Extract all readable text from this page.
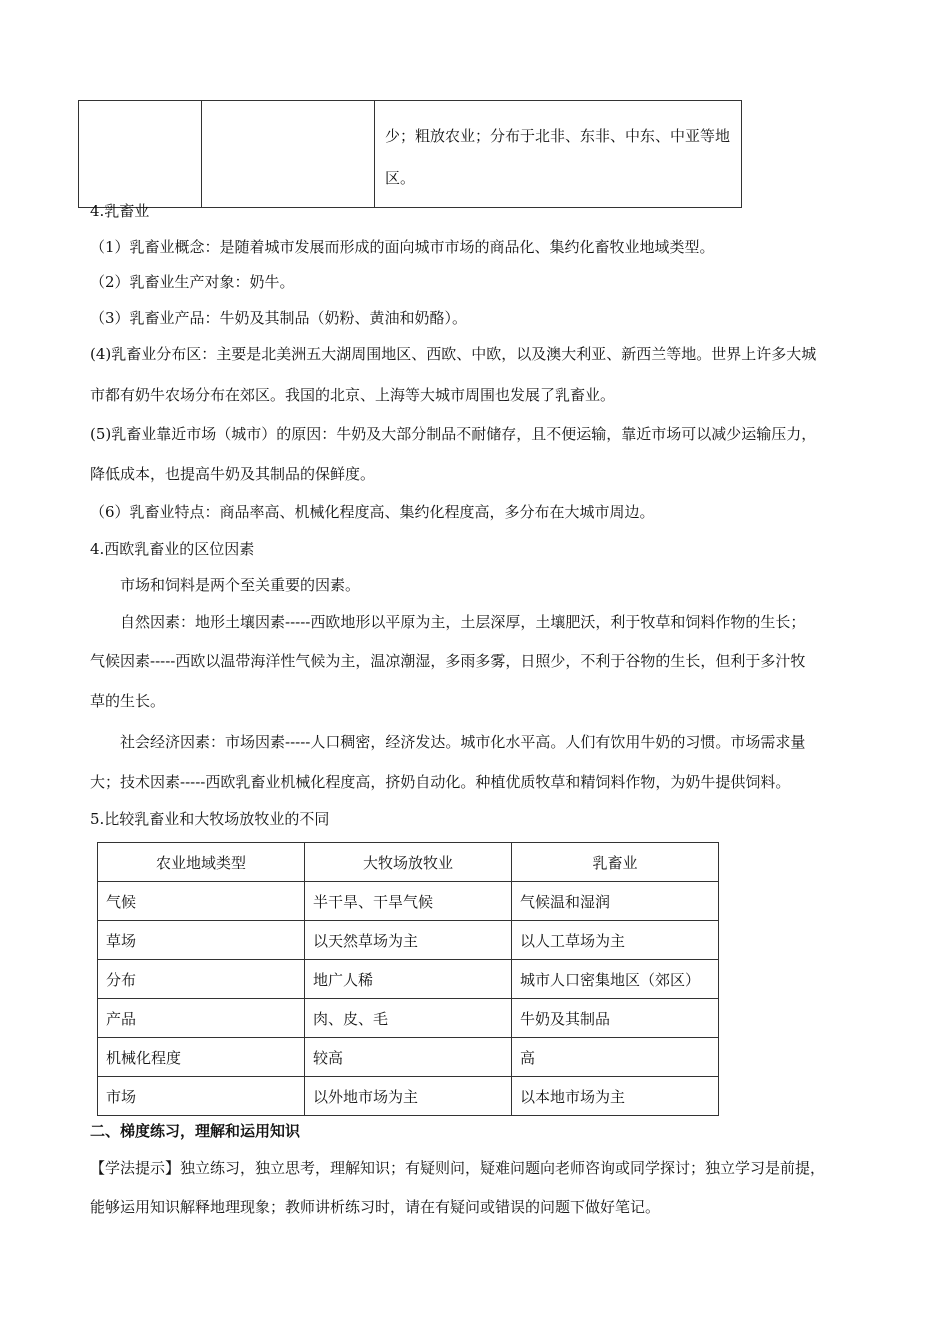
		少；粗放农业；分布于北非、东非、中东、中亚等地区。
4.乳畜业
（1）乳畜业概念：是随着城市发展而形成的面向城市市场的商品化、集约化畜牧业地域类型。
（2）乳畜业生产对象：奶牛。
（3）乳畜业产品：牛奶及其制品（奶粉、黄油和奶酪）。
(4)乳畜业分布区：主要是北美洲五大湖周围地区、西欧、中欧，以及澳大利亚、新西兰等地。世界上许多大城
市都有奶牛农场分布在郊区。我国的北京、上海等大城市周围也发展了乳畜业。
(5)乳畜业靠近市场（城市）的原因：牛奶及大部分制品不耐储存，且不便运输，靠近市场可以减少运输压力，
降低成本，也提高牛奶及其制品的保鲜度。
（6）乳畜业特点：商品率高、机械化程度高、集约化程度高，多分布在大城市周边。
4.西欧乳畜业的区位因素
市场和饲料是两个至关重要的因素。
自然因素：地形土壤因素-----西欧地形以平原为主，土层深厚，土壤肥沃，利于牧草和饲料作物的生长；
气候因素-----西欧以温带海洋性气候为主，温凉潮湿，多雨多雾，日照少，不利于谷物的生长，但利于多汁牧
草的生长。
社会经济因素：市场因素-----人口稠密，经济发达。城市化水平高。人们有饮用牛奶的习惯。市场需求量
大；技术因素-----西欧乳畜业机械化程度高，挤奶自动化。种植优质牧草和精饲料作物，为奶牛提供饲料。
5.比较乳畜业和大牧场放牧业的不同
农业地域类型	大牧场放牧业	乳畜业
气候	半干旱、干旱气候	气候温和湿润
草场	以天然草场为主	以人工草场为主
分布	地广人稀	城市人口密集地区（郊区）
产品	肉、皮、毛	牛奶及其制品
机械化程度	较高	高
市场	以外地市场为主	以本地市场为主
二、梯度练习，理解和运用知识
【学法提示】独立练习，独立思考，理解知识；有疑则问，疑难问题向老师咨询或同学探讨；独立学习是前提，
能够运用知识解释地理现象；教师讲析练习时，请在有疑问或错误的问题下做好笔记。
